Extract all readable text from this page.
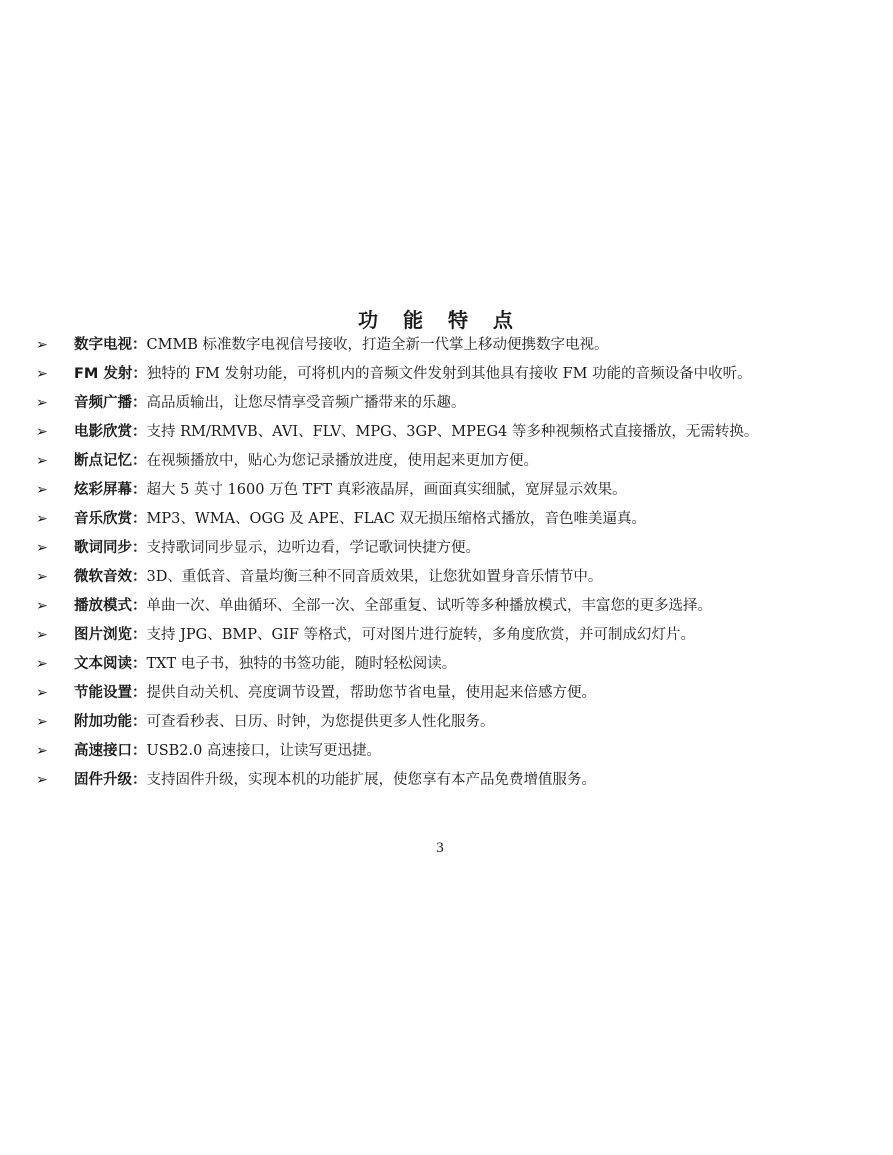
功 能 特 点
➢	数字电视： CMMB 标准数字电视信号接收，打造全新一代掌上移动便携数字电视。
➢	FM 发射： 独特的 FM 发射功能，可将机内的音频文件发射到其他具有接收 FM 功能的音频设备中收听。
➢	音频广播： 高品质输出，让您尽情享受音频广播带来的乐趣。
➢	电影欣赏： 支持 RM/RMVB、AVI、FLV、MPG、3GP、MPEG4 等多种视频格式直接播放，无需转换。
➢	断点记忆： 在视频播放中，贴心为您记录播放进度，使用起来更加方便。
➢	炫彩屏幕： 超大 5 英寸 1600 万色 TFT 真彩液晶屏，画面真实细腻，宽屏显示效果。
➢	音乐欣赏： MP3、WMA、OGG 及 APE、FLAC 双无损压缩格式播放，音色唯美逼真。
➢	歌词同步： 支持歌词同步显示，边听边看，学记歌词快捷方便。
➢	微软音效： 3D、重低音、音量均衡三种不同音质效果，让您犹如置身音乐情节中。
➢	播放模式： 单曲一次、单曲循环、全部一次、全部重复、试听等多种播放模式，丰富您的更多选择。
➢	图片浏览： 支持 JPG、BMP、GIF 等格式，可对图片进行旋转，多角度欣赏，并可制成幻灯片。
➢	文本阅读： TXT 电子书，独特的书签功能，随时轻松阅读。
➢	节能设置： 提供自动关机、亮度调节设置，帮助您节省电量，使用起来倍感方便。
➢	附加功能： 可查看秒表、日历、时钟，为您提供更多人性化服务。
➢	高速接口： USB2.0 高速接口，让读写更迅捷。
➢	固件升级： 支持固件升级，实现本机的功能扩展，使您享有本产品免费增值服务。
3
